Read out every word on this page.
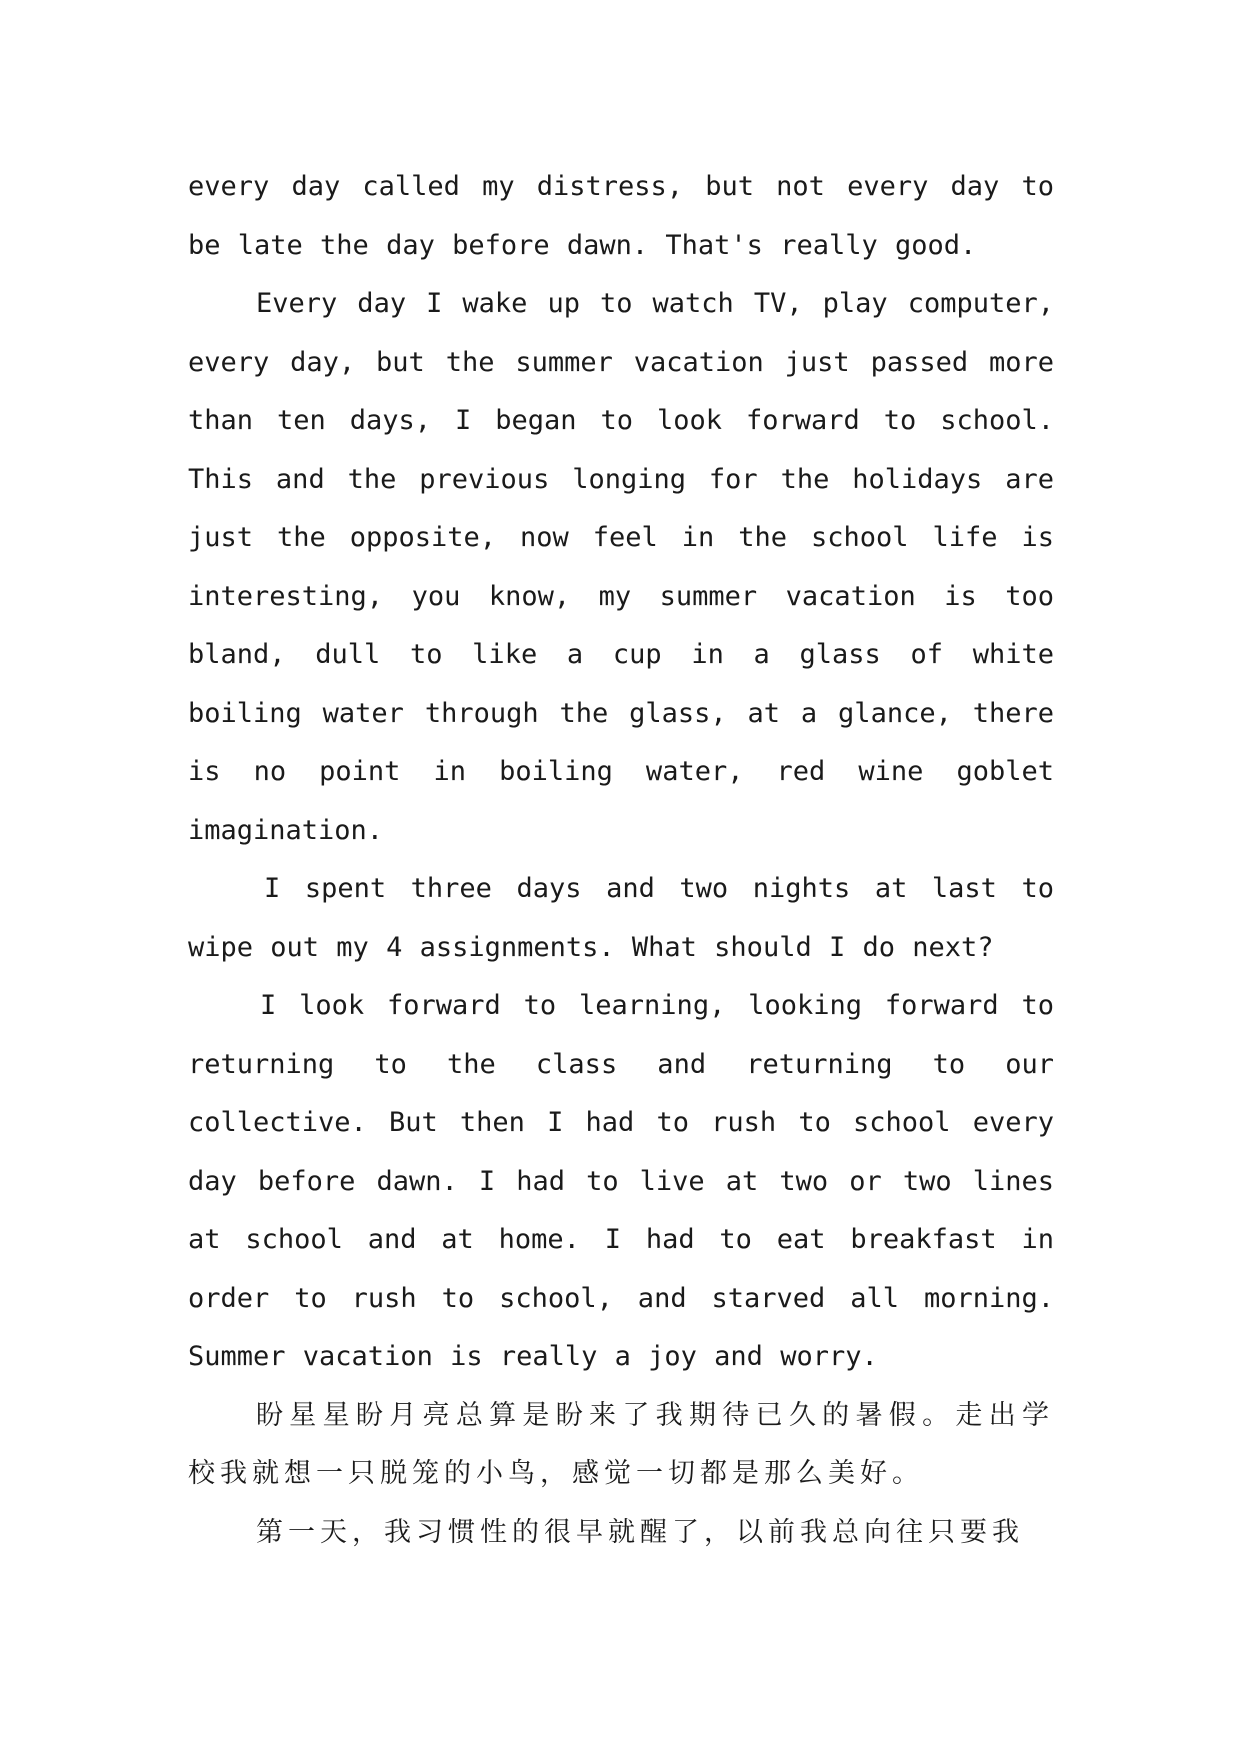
every day called my distress, but not every day to be late the day before dawn. That's really good.

Every day I wake up to watch TV, play computer, every day, but the summer vacation just passed more than ten days, I began to look forward to school. This and the previous longing for the holidays are just the opposite, now feel in the school life is interesting, you know, my summer vacation is too bland, dull to like a cup in a glass of white boiling water through the glass, at a glance, there is no point in boiling water, red wine goblet imagination.

I spent three days and two nights at last to wipe out my 4 assignments. What should I do next?

I look forward to learning, looking forward to returning to the class and returning to our collective. But then I had to rush to school every day before dawn. I had to live at two or two lines at school and at home. I had to eat breakfast in order to rush to school, and starved all morning. Summer vacation is really a joy and worry.

盼星星盼月亮总算是盼来了我期待已久的暑假。走出学校我就想一只脱笼的小鸟，感觉一切都是那么美好。

第一天，我习惯性的很早就醒了，以前我总向往只要我
